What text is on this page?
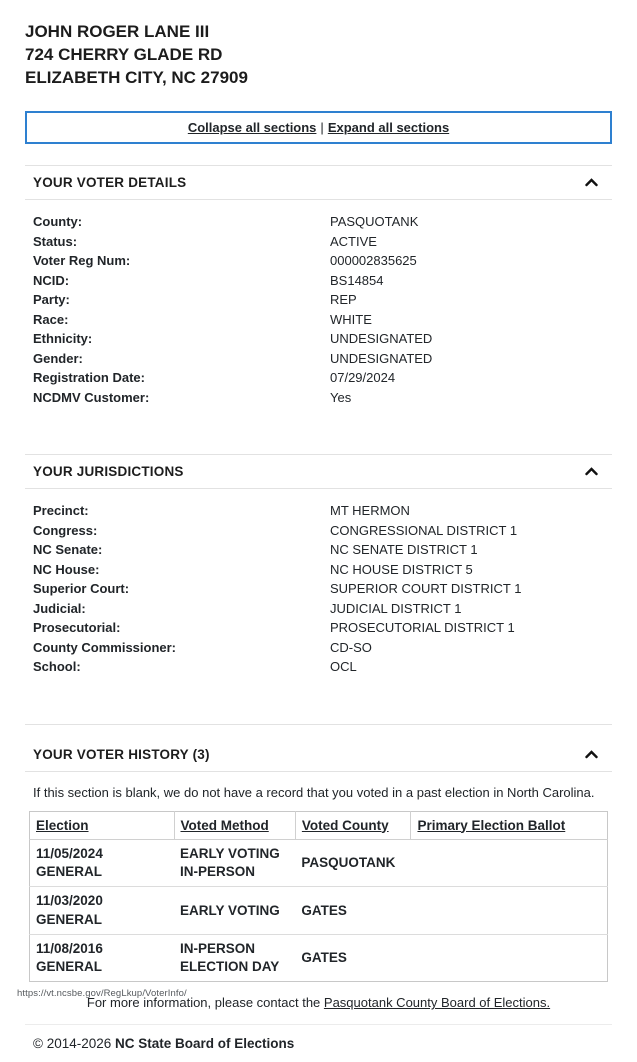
JOHN ROGER LANE III
724 CHERRY GLADE RD
ELIZABETH CITY, NC 27909
Collapse all sections | Expand all sections
YOUR VOTER DETAILS
County:	PASQUOTANK
Status:	ACTIVE
Voter Reg Num:	000002835625
NCID:	BS14854
Party:	REP
Race:	WHITE
Ethnicity:	UNDESIGNATED
Gender:	UNDESIGNATED
Registration Date:	07/29/2024
NCDMV Customer:	Yes
YOUR JURISDICTIONS
Precinct:	MT HERMON
Congress:	CONGRESSIONAL DISTRICT 1
NC Senate:	NC SENATE DISTRICT 1
NC House:	NC HOUSE DISTRICT 5
Superior Court:	SUPERIOR COURT DISTRICT 1
Judicial:	JUDICIAL DISTRICT 1
Prosecutorial:	PROSECUTORIAL DISTRICT 1
County Commissioner:	CD-SO
School:	OCL
YOUR VOTER HISTORY (3)
If this section is blank, we do not have a record that you voted in a past election in North Carolina.
Election	Voted Method	Voted County	Primary Election Ballot
11/05/2024 GENERAL	EARLY VOTING IN-PERSON	PASQUOTANK	
11/03/2020 GENERAL	EARLY VOTING	GATES	
11/08/2016 GENERAL	IN-PERSON ELECTION DAY	GATES	
For more information, please contact the Pasquotank County Board of Elections.
© 2014-2026 NC State Board of Elections
https://vt.ncsbe.gov/RegLkup/VoterInfo/
